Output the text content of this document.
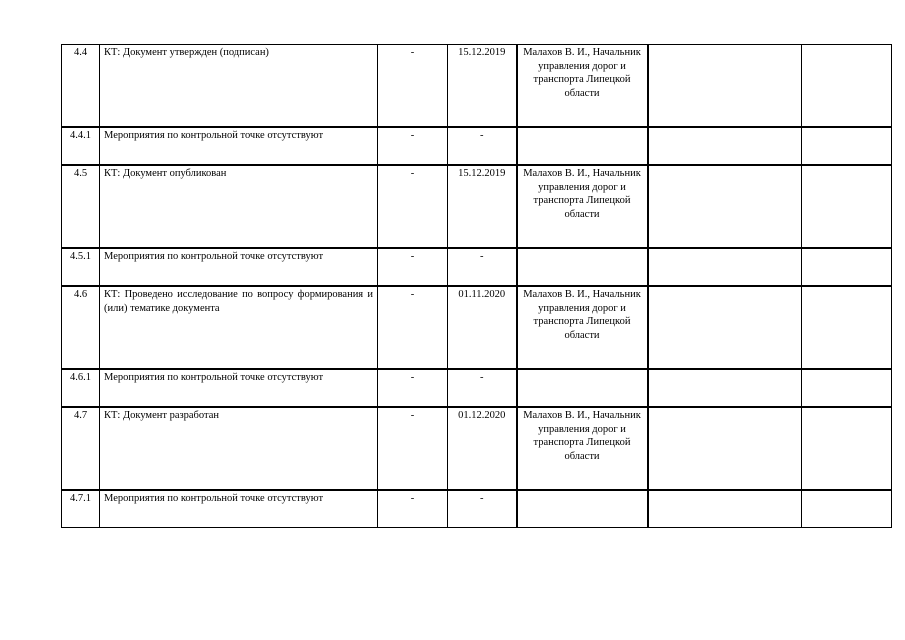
4.4	КТ: Документ утвержден (подписан)	-	15.12.2019	Малахов В. И., Начальник управления дорог и транспорта Липецкой области		
4.4.1	Мероприятия по контрольной точке отсутствуют	-	-			
4.5	КТ: Документ опубликован	-	15.12.2019	Малахов В. И., Начальник управления дорог и транспорта Липецкой области		
4.5.1	Мероприятия по контрольной точке отсутствуют	-	-			
4.6	КТ: Проведено исследование по вопросу формирования и (или) тематике документа	-	01.11.2020	Малахов В. И., Начальник управления дорог и транспорта Липецкой области		
4.6.1	Мероприятия по контрольной точке отсутствуют	-	-			
4.7	КТ: Документ разработан	-	01.12.2020	Малахов В. И., Начальник управления дорог и транспорта Липецкой области		
4.7.1	Мероприятия по контрольной точке отсутствуют	-	-			
